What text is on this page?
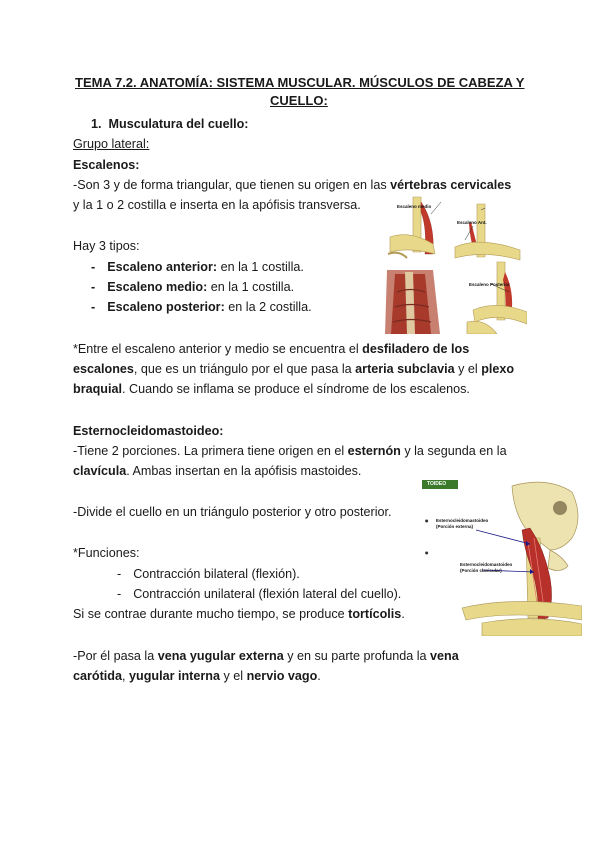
TEMA 7.2. ANATOMÍA: SISTEMA MUSCULAR. MÚSCULOS DE CABEZA Y
CUELLO:
1. Musculatura del cuello:
Grupo lateral:
Escalenos:
-Son 3 y de forma triangular, que tienen su origen en las vértebras cervicales
y la 1 o 2 costilla e inserta en la apófisis transversa.
Hay 3 tipos:
- Escaleno anterior: en la 1 costilla.
- Escaleno medio: en la 1 costilla.
- Escaleno posterior: en la 2 costilla.
*Entre el escaleno anterior y medio se encuentra el desfiladero de los
escalones, que es un triángulo por el que pasa la arteria subclavia y el plexo
braquial. Cuando se inflama se produce el síndrome de los escalenos.
Escaleno medio
Escaleno Ant.
Escaleno Posterior
Esternocleidomastoideo:
-Tiene 2 porciones. La primera tiene origen en el esternón y la segunda en la
clavícula. Ambas insertan en la apófisis mastoides.
-Divide el cuello en un triángulo posterior y otro posterior.
*Funciones:
- Contracción bilateral (flexión).
- Contracción unilateral (flexión lateral del cuello).
Si se contrae durante mucho tiempo, se produce tortícolis.
-Por él pasa la vena yugular externa y en su parte profunda la vena
carótida, yugular interna y el nervio vago.
●
●
TOIDEO
Esternocleidomastoideo
(Porción externa)
Esternocleidomastoideo
(Porción clavicular)
